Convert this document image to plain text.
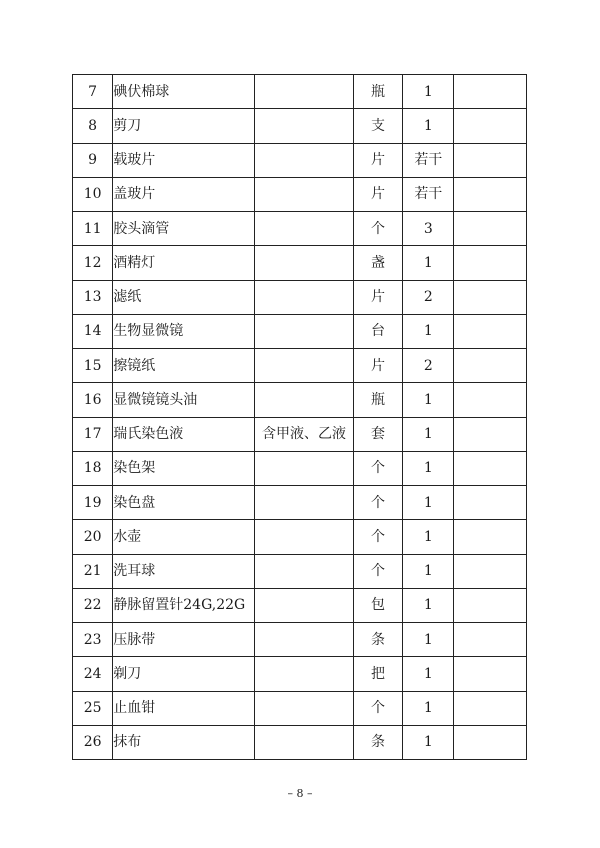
7	碘伏棉球		瓶	1	
8	剪刀		支	1	
9	载玻片		片	若干	
10	盖玻片		片	若干	
11	胶头滴管		个	3	
12	酒精灯		盏	1	
13	滤纸		片	2	
14	生物显微镜		台	1	
15	擦镜纸		片	2	
16	显微镜镜头油		瓶	1	
17	瑞氏染色液	含甲液、乙液	套	1	
18	染色架		个	1	
19	染色盘		个	1	
20	水壶		个	1	
21	洗耳球		个	1	
22	静脉留置针24G,22G		包	1	
23	压脉带		条	1	
24	剃刀		把	1	
25	止血钳		个	1	
26	抹布		条	1	
– 8 –
